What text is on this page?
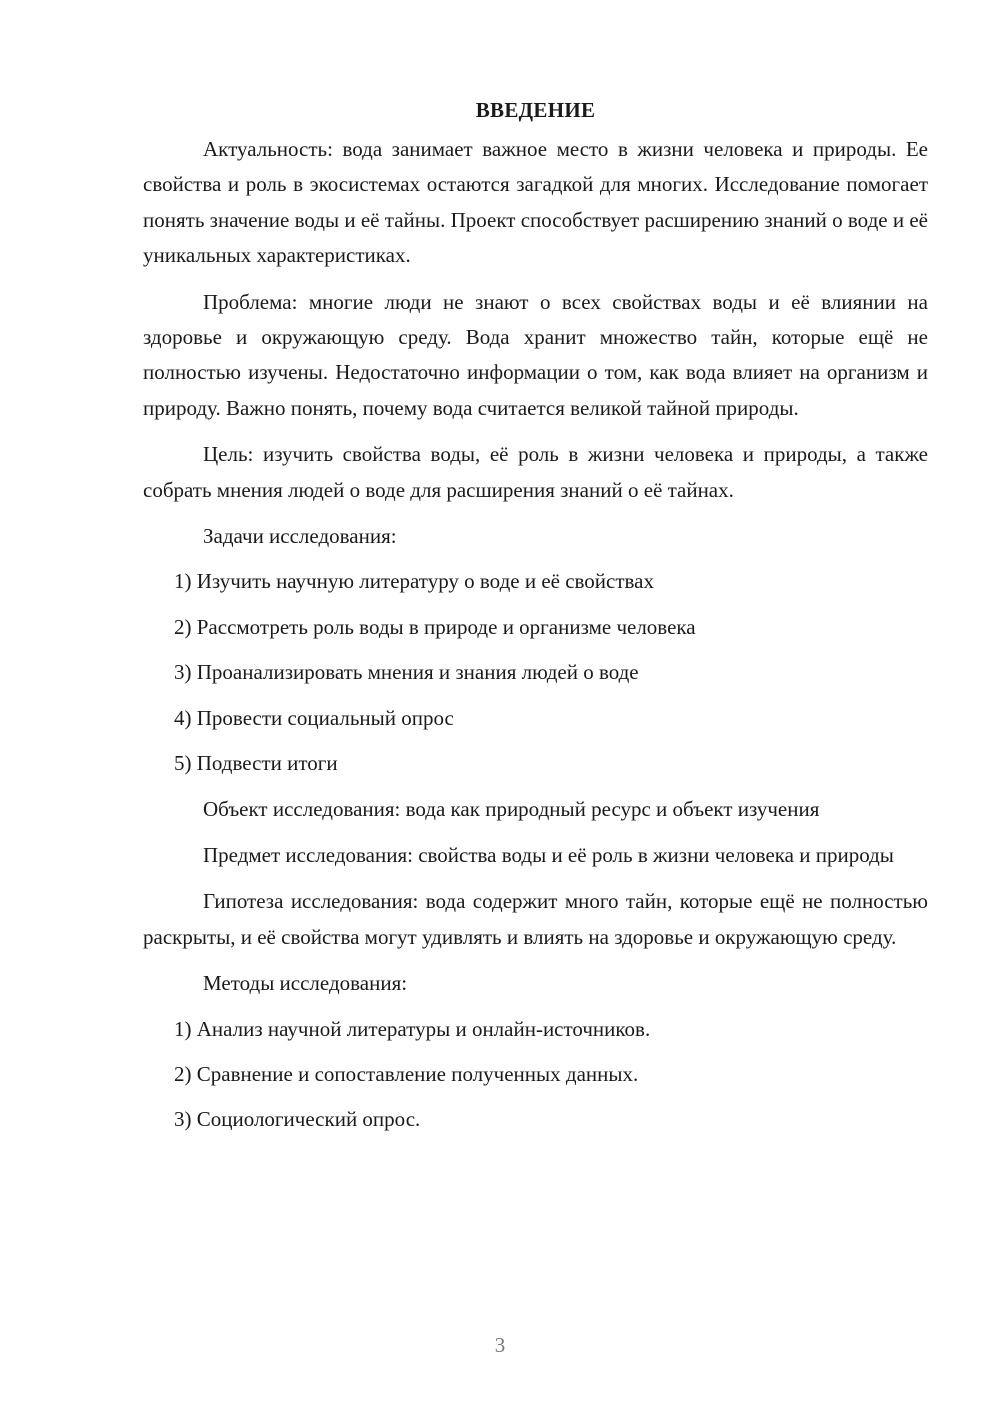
ВВЕДЕНИЕ

Актуальность: вода занимает важное место в жизни человека и природы. Ее свойства и роль в экосистемах остаются загадкой для многих. Исследование помогает понять значение воды и её тайны. Проект способствует расширению знаний о воде и её уникальных характеристиках.

Проблема: многие люди не знают о всех свойствах воды и её влиянии на здоровье и окружающую среду. Вода хранит множество тайн, которые ещё не полностью изучены. Недостаточно информации о том, как вода влияет на организм и природу. Важно понять, почему вода считается великой тайной природы.

Цель: изучить свойства воды, её роль в жизни человека и природы, а также собрать мнения людей о воде для расширения знаний о её тайнах.

Задачи исследования:
1) Изучить научную литературу о воде и её свойствах
2) Рассмотреть роль воды в природе и организме человека
3) Проанализировать мнения и знания людей о воде
4) Провести социальный опрос
5) Подвести итоги

Объект исследования: вода как природный ресурс и объект изучения

Предмет исследования: свойства воды и её роль в жизни человека и природы

Гипотеза исследования: вода содержит много тайн, которые ещё не полностью раскрыты, и её свойства могут удивлять и влиять на здоровье и окружающую среду.

Методы исследования:
1) Анализ научной литературы и онлайн-источников.
2) Сравнение и сопоставление полученных данных.
3) Социологический опрос.
3
